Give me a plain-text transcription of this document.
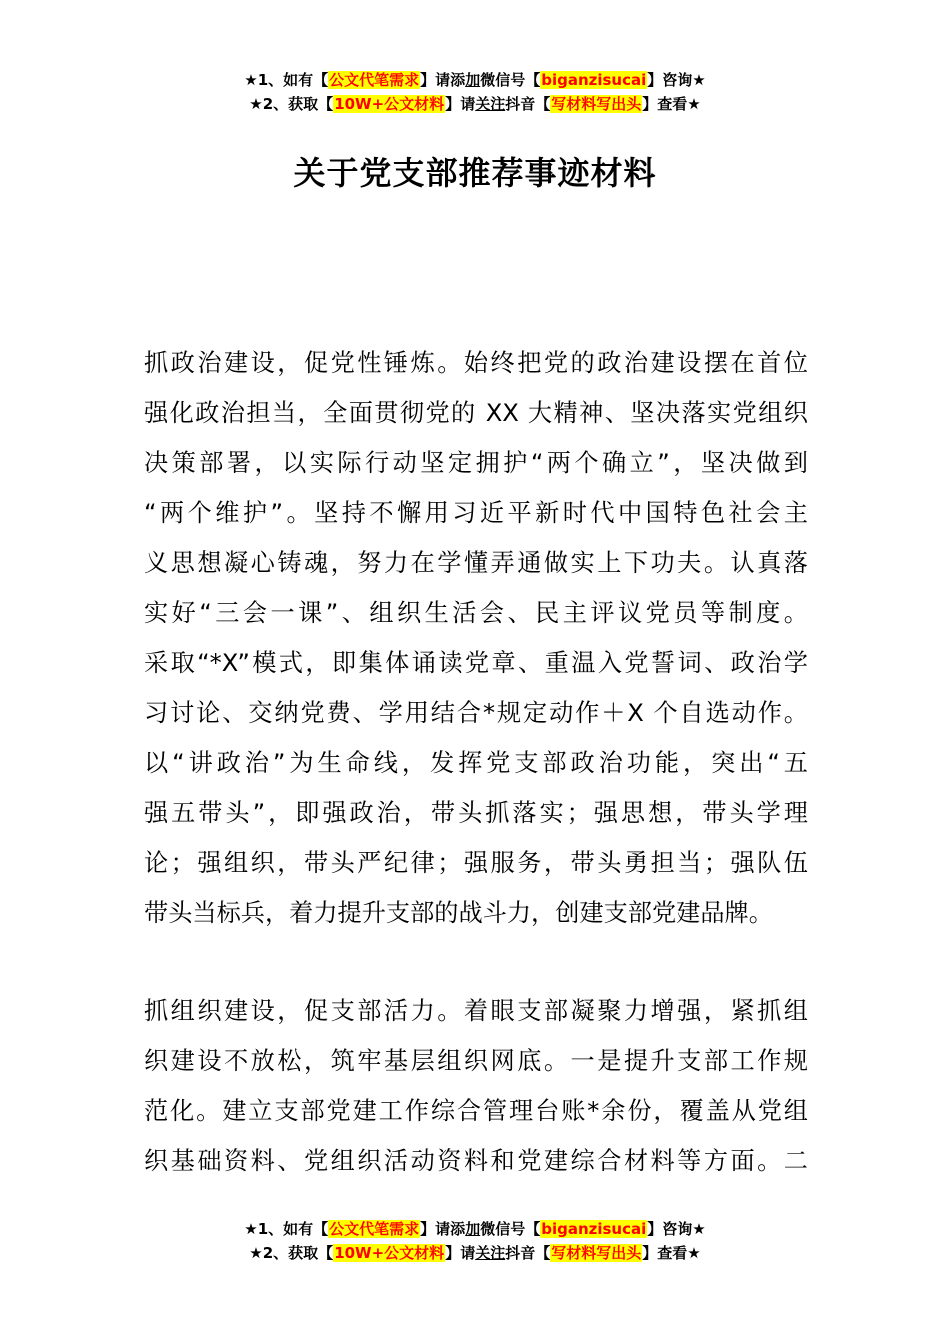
★1、如有【公文代笔需求】请添加微信号【biganzisucai】咨询★
★2、获取【10W+公文材料】请关注抖音【写材料写出头】查看★
关于党支部推荐事迹材料
抓政治建设，促党性锤炼。始终把党的政治建设摆在首位
强化政治担当，全面贯彻党的 XX 大精神、坚决落实党组织
决策部署，以实际行动坚定拥护“两个确立”，坚决做到
“两个维护”。坚持不懈用习近平新时代中国特色社会主
义思想凝心铸魂，努力在学懂弄通做实上下功夫。认真落
实好“三会一课”、组织生活会、民主评议党员等制度。
采取“*X”模式，即集体诵读党章、重温入党誓词、政治学
习讨论、交纳党费、学用结合*规定动作＋X 个自选动作。
以“讲政治”为生命线，发挥党支部政治功能，突出“五
强五带头”，即强政治，带头抓落实；强思想，带头学理
论；强组织，带头严纪律；强服务，带头勇担当；强队伍
带头当标兵，着力提升支部的战斗力，创建支部党建品牌。
抓组织建设，促支部活力。着眼支部凝聚力增强，紧抓组
织建设不放松，筑牢基层组织网底。一是提升支部工作规
范化。建立支部党建工作综合管理台账*余份，覆盖从党组
织基础资料、党组织活动资料和党建综合材料等方面。二
★1、如有【公文代笔需求】请添加微信号【biganzisucai】咨询★
★2、获取【10W+公文材料】请关注抖音【写材料写出头】查看★
